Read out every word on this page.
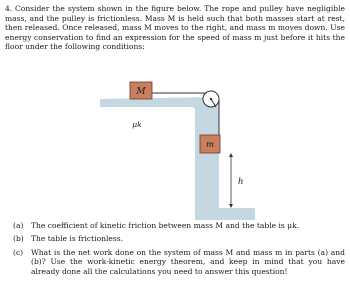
4. Consider the system shown in the figure below. The rope and pulley have negligible mass, and the pulley is frictionless. Mass M is held such that both masses start at rest, then released. Once released, mass M moves to the right, and mass m moves down. Use energy conservation to find an expression for the speed of mass m just before it hits the floor under the following conditions:
M
μk
m
h
(a) The coefficient of kinetic friction between mass M and the table is μk.
(b) The table is frictionless.
(c) What is the net work done on the system of mass M and mass m in parts (a) and (b)? Use the work-kinetic energy theorem, and keep in mind that you have already done all the calculations you need to answer this question!
